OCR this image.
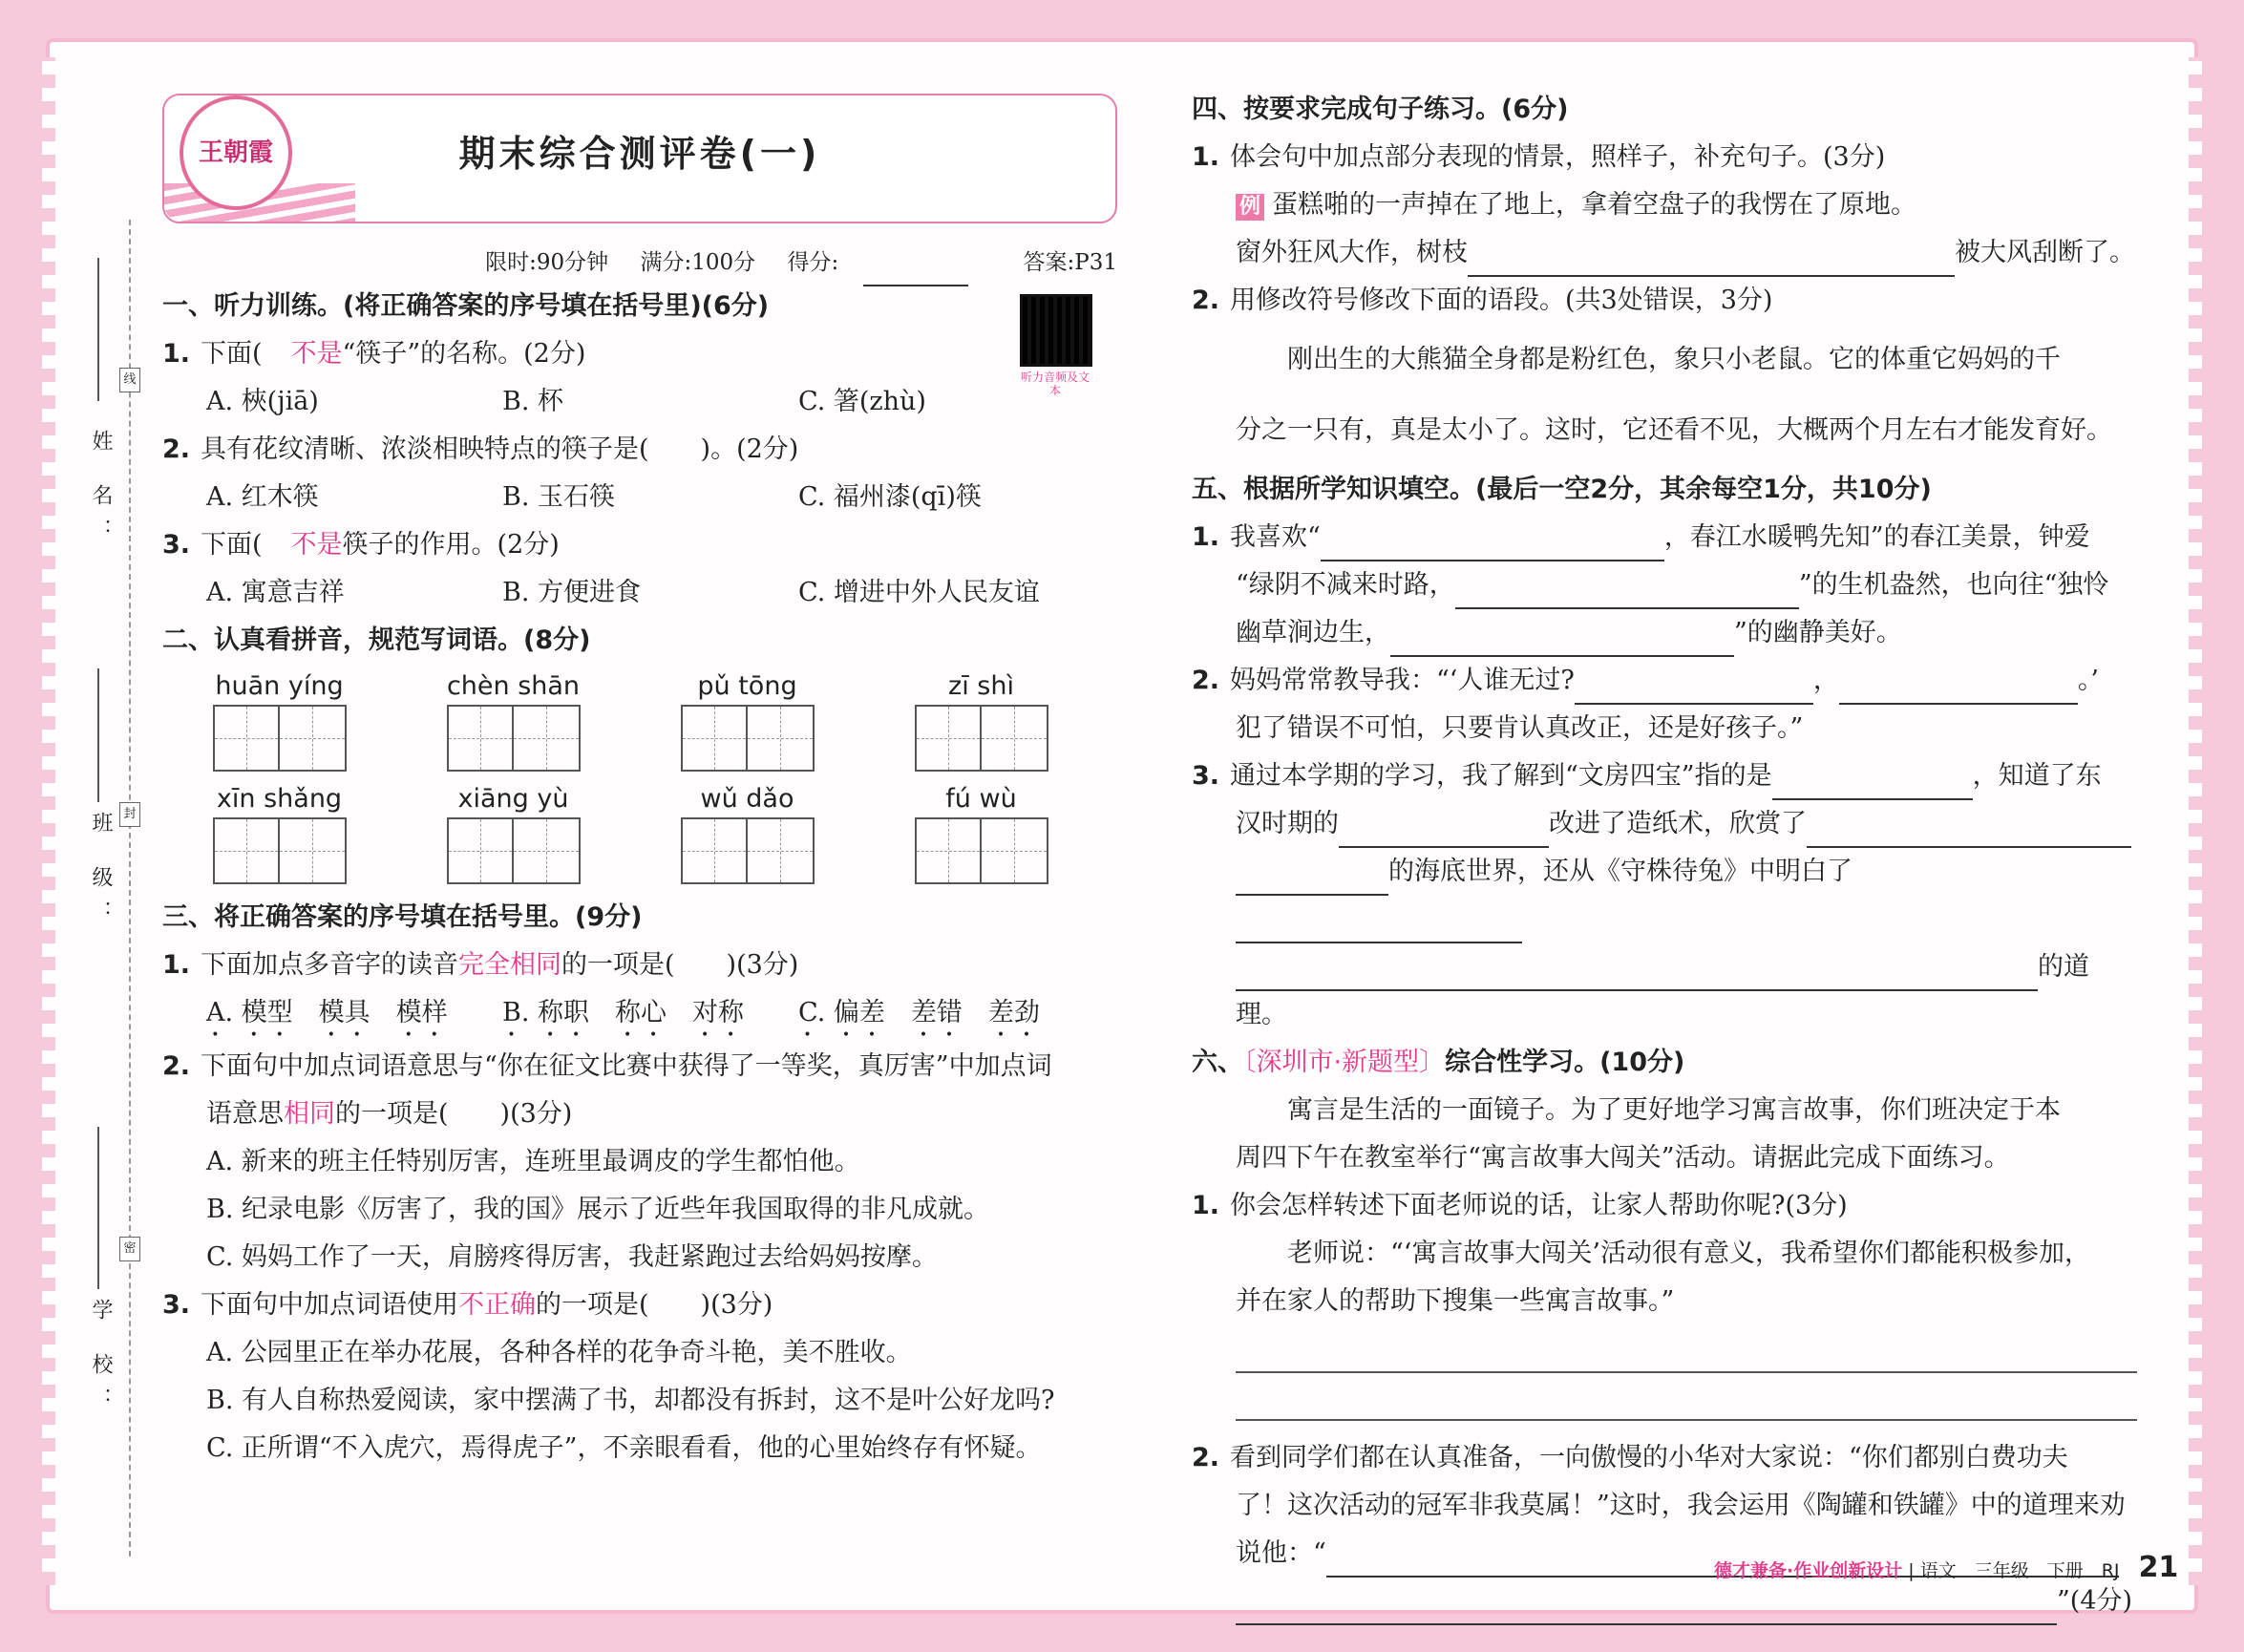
姓 名：
班 级：
学 校：
线
封
密
王朝霞	期末综合测评卷(一)
限时:90分钟 满分:100分 得分:	答案:P31
听力音频及文本
一、听力训练。(将正确答案的序号填在括号里)(6分)
1. 下面( 不是“筷子”的名称。(2分)
A. 梜(jiā)	B. 杯	C. 箸(zhù)
2. 具有花纹清晰、浓淡相映特点的筷子是(　　)。(2分)
A. 红木筷	B. 玉石筷	C. 福州漆(qī)筷
3. 下面( 不是筷子的作用。(2分)
A. 寓意吉祥	B. 方便进食	C. 增进中外人民友谊
二、认真看拼音，规范写词语。(8分)
huān yíng	chèn shān	pǔ tōng	zī shì
xīn shǎng	xiāng yù	wǔ dǎo	fú wù
三、将正确答案的序号填在括号里。(9分)
1. 下面加点多音字的读音完全相同的一项是(　　)(3分)
A. 模型　模具　模样 B. 称职　称心　对称 C. 偏差　差错　差劲
2. 下面句中加点词语意思与“你在征文比赛中获得了一等奖，真厉害”中加点词
语意思相同的一项是(　　)(3分)
A. 新来的班主任特别厉害，连班里最调皮的学生都怕他。
B. 纪录电影《厉害了，我的国》展示了近些年我国取得的非凡成就。
C. 妈妈工作了一天，肩膀疼得厉害，我赶紧跑过去给妈妈按摩。
3. 下面句中加点词语使用不正确的一项是(　　)(3分)
A. 公园里正在举办花展，各种各样的花争奇斗艳，美不胜收。
B. 有人自称热爱阅读，家中摆满了书，却都没有拆封，这不是叶公好龙吗?
C. 正所谓“不入虎穴，焉得虎子”，不亲眼看看，他的心里始终存有怀疑。
四、按要求完成句子练习。(6分)
1. 体会句中加点部分表现的情景，照样子，补充句子。(3分)
例 蛋糕啪的一声掉在了地上，拿着空盘子的我愣在了原地。
窗外狂风大作，树枝	被大风刮断了。
2. 用修改符号修改下面的语段。(共3处错误，3分)
刚出生的大熊猫全身都是粉红色，象只小老鼠。它的体重它妈妈的千
分之一只有，真是太小了。这时，它还看不见，大概两个月左右才能发育好。
五、根据所学知识填空。(最后一空2分，其余每空1分，共10分)
1. 我喜欢“	，春江水暖鸭先知”的春江美景，钟爱
“绿阴不减来时路，	”的生机盎然，也向往“独怜
幽草涧边生，	”的幽静美好。
2. 妈妈常常教导我：“‘人谁无过?	，	。’
犯了错误不可怕，只要肯认真改正，还是好孩子。”
3. 通过本学期的学习，我了解到“文房四宝”指的是	，知道了东
汉时期的	改进了造纸术，欣赏了
的海底世界，还从《守株待兔》中明白了
的道理。
六、〔深圳市·新题型〕综合性学习。(10分)
寓言是生活的一面镜子。为了更好地学习寓言故事，你们班决定于本
周四下午在教室举行“寓言故事大闯关”活动。请据此完成下面练习。
1. 你会怎样转述下面老师说的话，让家人帮助你呢?(3分)
老师说：“‘寓言故事大闯关’活动很有意义，我希望你们都能积极参加，
并在家人的帮助下搜集一些寓言故事。”
2. 看到同学们都在认真准备，一向傲慢的小华对大家说：“你们都别白费功夫
了！这次活动的冠军非我莫属！”这时，我会运用《陶罐和铁罐》中的道理来劝
说他：“
”(4分)
德才兼备·作业创新设计 | 语文　三年级　下册　RJ 21
